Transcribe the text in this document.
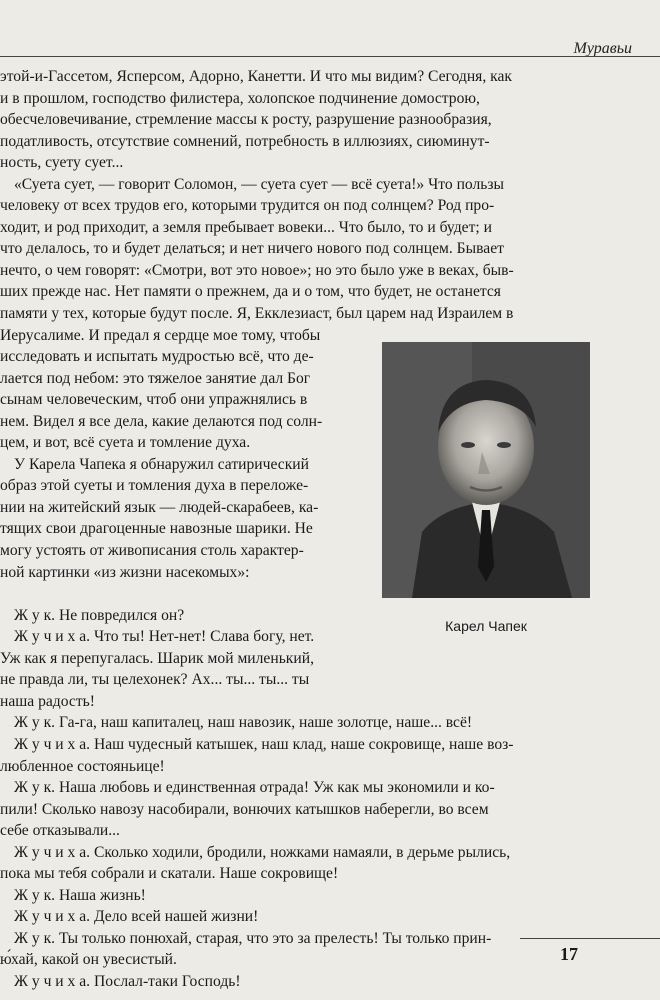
Муравьи
этой-и-Гассетом, Ясперсом, Адорно, Канетти. И что мы видим? Сегодня, как
и в прошлом, господство филистера, холопское подчинение домострою,
обесчеловечивание, стремление массы к росту, разрушение разнообразия,
податливость, отсутствие сомнений, потребность в иллюзиях, сиюминут-
ность, суету сует...
«Суета сует, — говорит Соломон, — суета сует — всё суета!» Что пользы
человеку от всех трудов его, которыми трудится он под солнцем? Род про-
ходит, и род приходит, а земля пребывает вовеки... Что было, то и будет; и
что делалось, то и будет делаться; и нет ничего нового под солнцем. Бывает
нечто, о чем говорят: «Смотри, вот это новое»; но это было уже в веках, быв-
ших прежде нас. Нет памяти о прежнем, да и о том, что будет, не останется
памяти у тех, которые будут после. Я, Екклезиаст, был царем над Израилем в
Иерусалиме. И предал я сердце мое тому, чтобы
исследовать и испытать мудростью всё, что де-
лается под небом: это тяжелое занятие дал Бог
сынам человеческим, чтоб они упражнялись в
нем. Видел я все дела, какие делаются под солн-
цем, и вот, всё суета и томление духа.
У Карела Чапека я обнаружил сатирический
образ этой суеты и томления духа в переложе-
нии на житейский язык — людей-скарабеев, ка-
тящих свои драгоценные навозные шарики. Не
могу устоять от живописания столь характер-
ной картинки «из жизни насекомых»:
Ж у к. Не повредился он?
Ж у ч и х а. Что ты! Нет-нет! Слава богу, нет.
Уж как я перепугалась. Шарик мой миленький,
не правда ли, ты целехонек? Ах... ты... ты... ты
наша радость!
Ж у к. Га-га, наш капиталец, наш навозик, наше золотце, наше... всё!
Ж у ч и х а. Наш чудесный катышек, наш клад, наше сокровище, наше воз-
любленное состояньице!
Ж у к. Наша любовь и единственная отрада! Уж как мы экономили и ко-
пили! Сколько навозу насобирали, вонючих катышков наберегли, во всем
себе отказывали...
Ж у ч и х а. Сколько ходили, бродили, ножками намаяли, в дерьме рылись,
пока мы тебя собрали и скатали. Наше сокровище!
Ж у к. Наша жизнь!
Ж у ч и х а. Дело всей нашей жизни!
Ж у к. Ты только понюхай, старая, что это за прелесть! Ты только прин-
ю́хай, какой он увесистый.
Ж у ч и х а. Послал-таки Господь!
Карел Чапек
17
